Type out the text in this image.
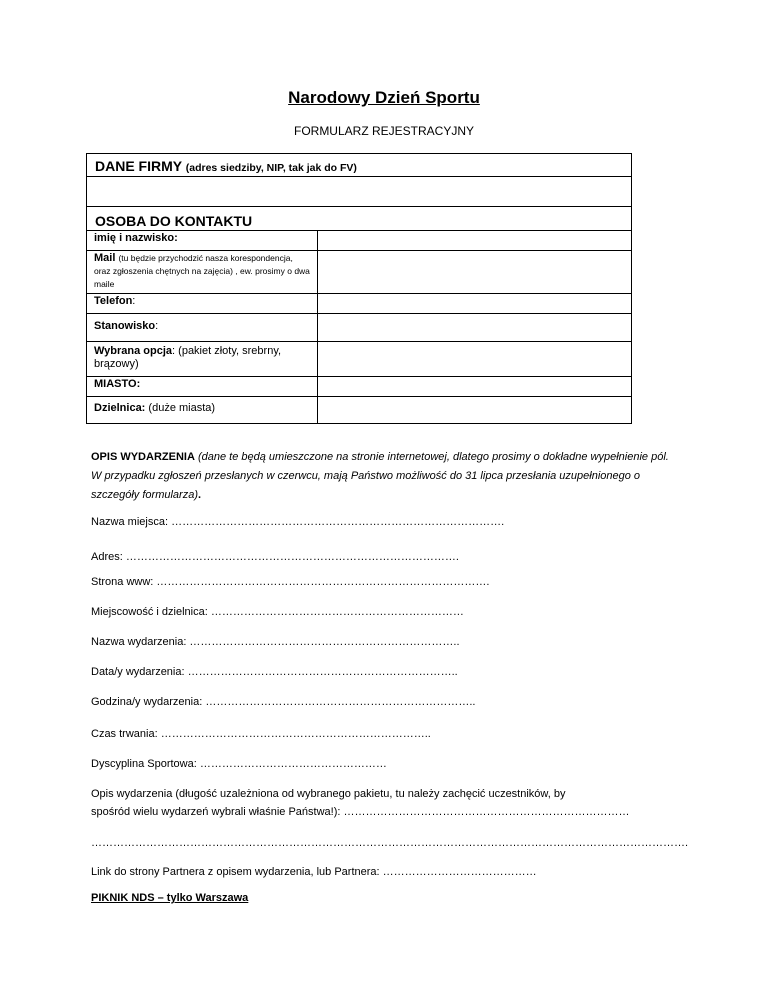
Narodowy Dzień Sportu
FORMULARZ REJESTRACYJNY
DANE FIRMY (adres siedziby, NIP, tak jak do FV)
OSOBA DO KONTAKTU
imię i nazwisko:
Mail (tu będzie przychodzić nasza korespondencja, oraz zgłoszenia chętnych na zajęcia) , ew. prosimy o dwa maile
Telefon:
Stanowisko:
Wybrana opcja: (pakiet złoty, srebrny, brązowy)
MIASTO:
Dzielnica: (duże miasta)
OPIS WYDARZENIA (dane te będą umieszczone na stronie internetowej, dlatego prosimy o dokładne wypełnienie pól. W przypadku zgłoszeń przesłanych w czerwcu, mają Państwo możliwość do 31 lipca przesłania uzupełnionego o szczegóły formularza).
Nazwa miejsca: ……………………………………………………………………………….
Adres: ……………………………………………………………………………….
Strona www: ……………………………………………………………………………….
Miejscowość i dzielnica: ……………………………………………………………
Nazwa wydarzenia: ………………………………………………………………..
Data/y wydarzenia: ………………………………………………………………..
Godzina/y wydarzenia: ………………………………………………………………..
Czas trwania: ………………………………………………………………..
Dyscyplina Sportowa: ……………………………………………
Opis wydarzenia (długość uzależniona od wybranego pakietu, tu należy zachęcić uczestników, by
spośród wielu wydarzeń wybrali właśnie Państwa!): ……………………………………………………………………
……………………………………………………………………………………………………………………………………………….
Link do strony Partnera z opisem wydarzenia, lub Partnera: ……………………………………
PIKNIK NDS – tylko Warszawa
